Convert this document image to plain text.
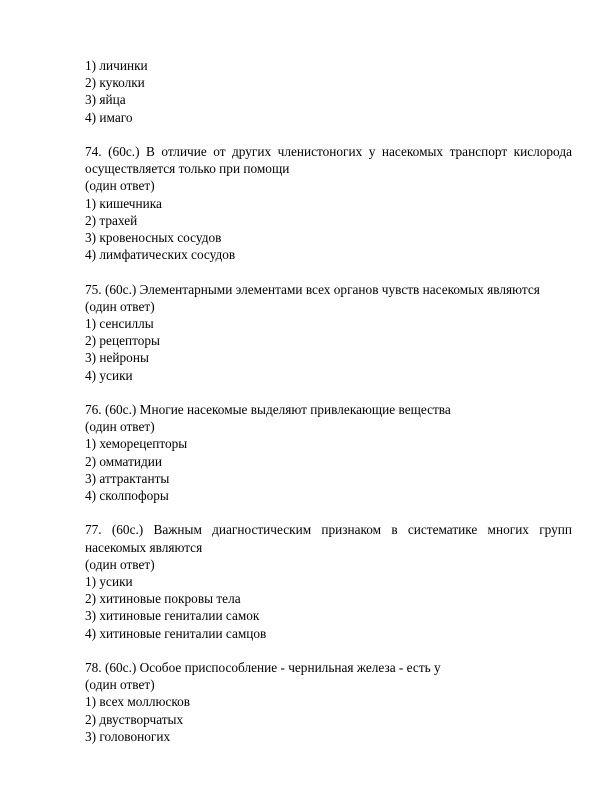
1) личинки
2) куколки
3) яйца
4) имаго
74. (60с.) В отличие от других членистоногих у насекомых транспорт кислорода
осуществляется только при помощи
(один ответ)
1) кишечника
2) трахей
3) кровеносных сосудов
4) лимфатических сосудов
75. (60с.) Элементарными элементами всех органов чувств насекомых являются
(один ответ)
1) сенсиллы
2) рецепторы
3) нейроны
4) усики
76. (60с.) Многие насекомые выделяют привлекающие вещества
(один ответ)
1) хеморецепторы
2) омматидии
3) аттрактанты
4) сколпофоры
77. (60с.) Важным диагностическим признаком в систематике многих групп
насекомых являются
(один ответ)
1) усики
2) хитиновые покровы тела
3) хитиновые гениталии самок
4) хитиновые гениталии самцов
78. (60с.) Особое приспособление - чернильная железа - есть у
(один ответ)
1) всех моллюсков
2) двустворчатых
3) головоногих
